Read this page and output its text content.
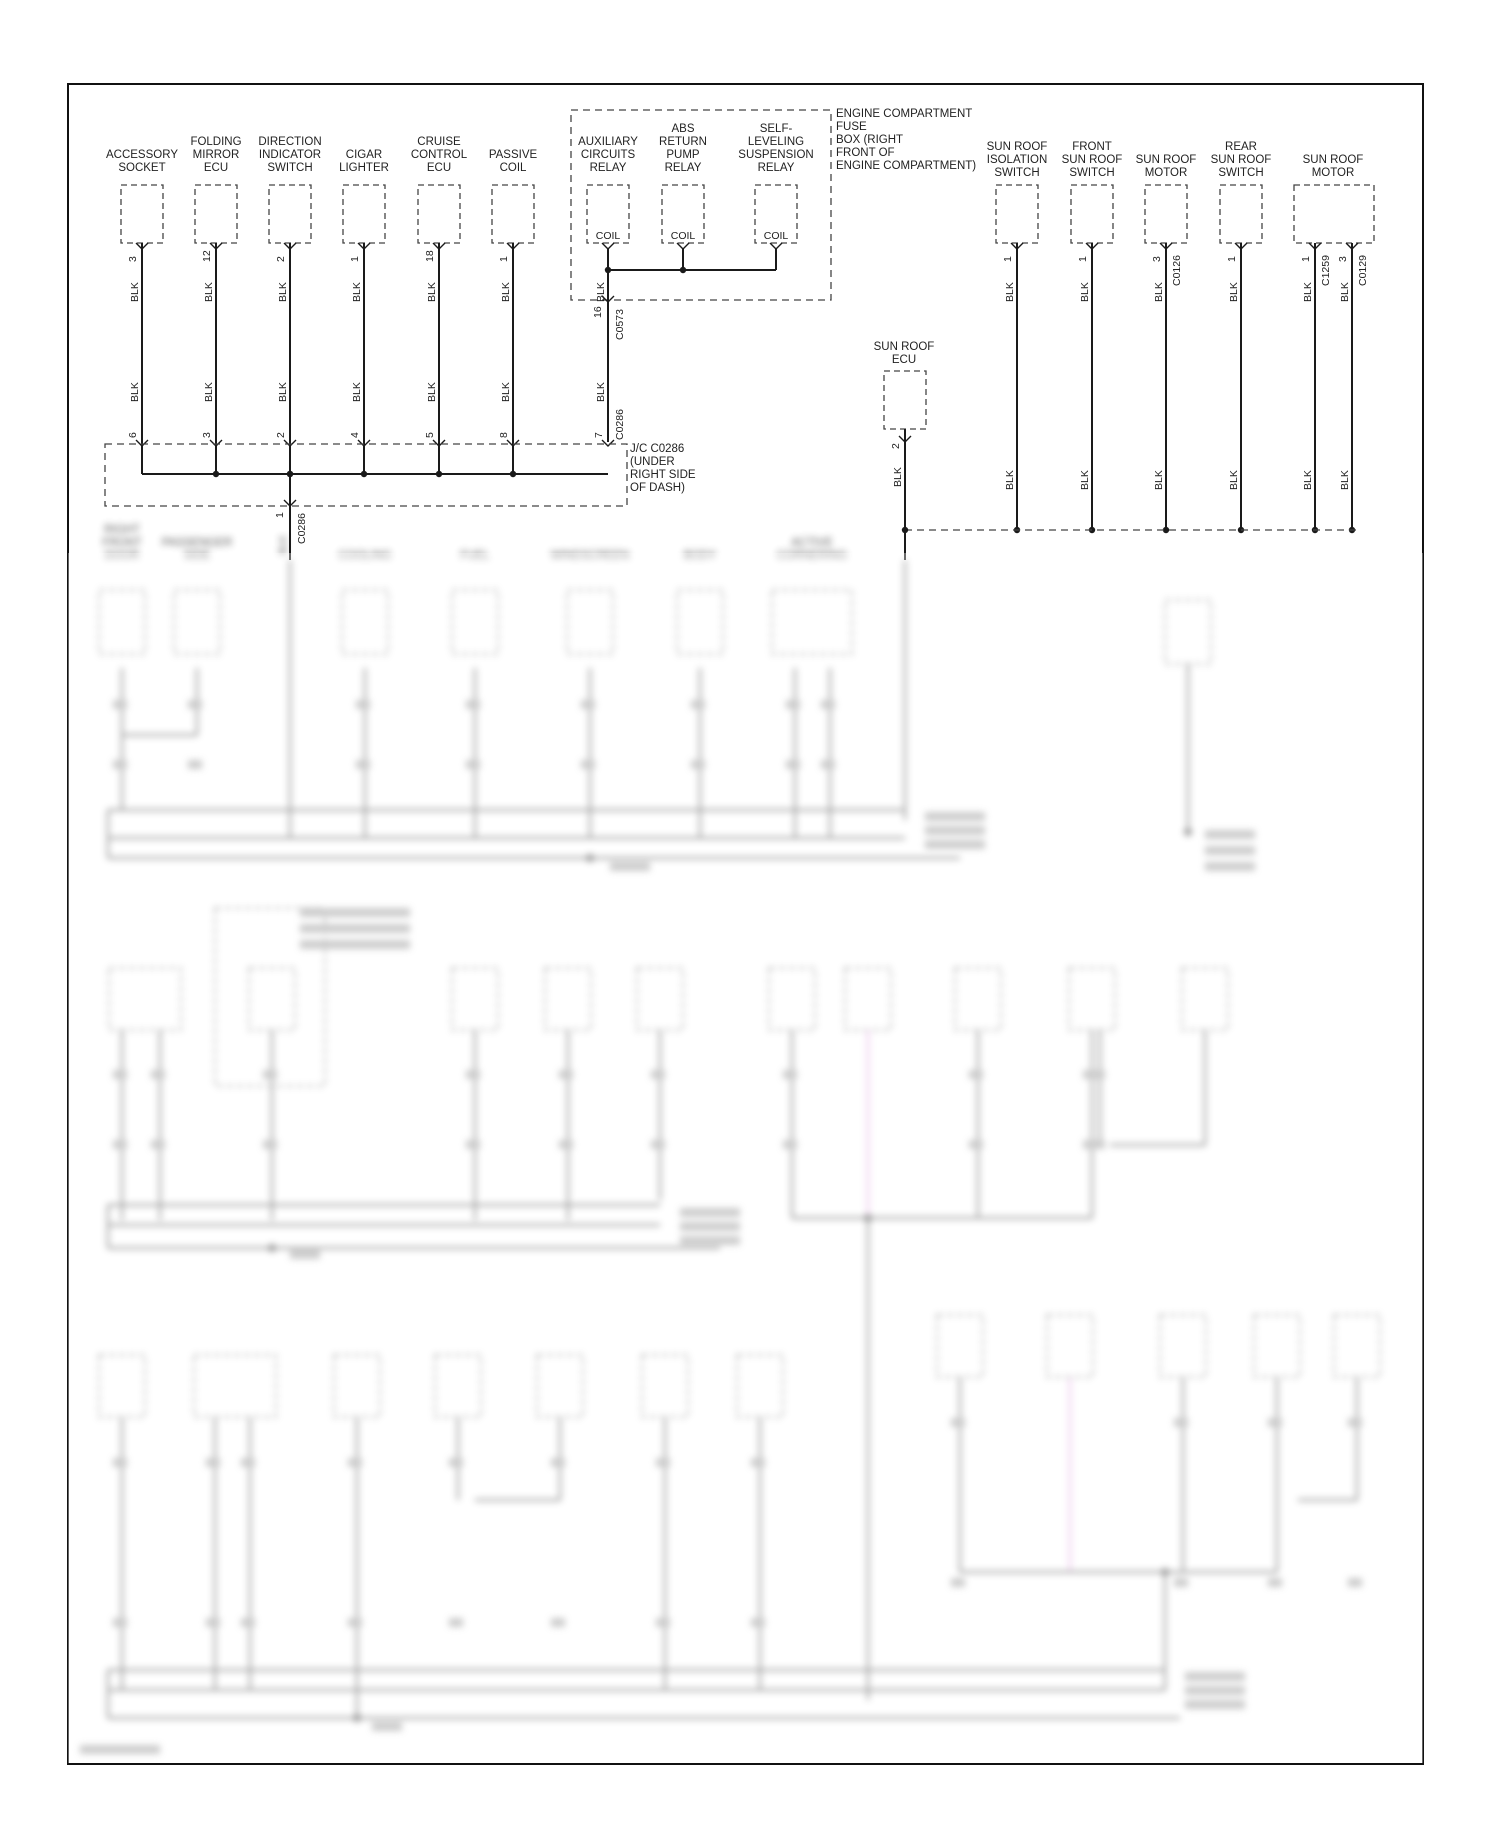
ACCESSORY
SOCKET
3
BLK
BLK
6
FOLDING
MIRROR
ECU
12
BLK
BLK
3
DIRECTION
INDICATOR
SWITCH
2
BLK
BLK
2
CIGAR
LIGHTER
1
BLK
BLK
4
CRUISE
CONTROL
ECU
18
BLK
BLK
5
PASSIVE
COIL
1
BLK
BLK
8
ENGINE COMPARTMENT
FUSE
BOX (RIGHT
FRONT OF
ENGINE COMPARTMENT)
AUXILIARY
CIRCUITS
RELAY
COIL
ABS
RETURN
PUMP
RELAY
COIL
SELF-
LEVELING
SUSPENSION
RELAY
COIL
16 C0573
BLK
C0286
7
BLK
J/C C0286
(UNDER
RIGHT SIDE
OF DASH)
1 C0286
SUN ROOF
ECU
2
BLK
SUN ROOF
ISOLATION
SWITCH
1
BLK
BLK
FRONT
SUN ROOF
SWITCH
1
BLK
BLK
SUN ROOF
MOTOR
3 C0126
BLK
BLK
REAR
SUN ROOF
SWITCH
1
BLK
BLK
SUN ROOF
MOTOR
1 3
C1259 C0129
BLK BLK
BLK BLK
RIGHT
FRONT
DOOR
PASSENGER
SIDE	COOLING	FUEL	WINDSCREEN	BODY
ACTIVE
CORNERING
BLK
